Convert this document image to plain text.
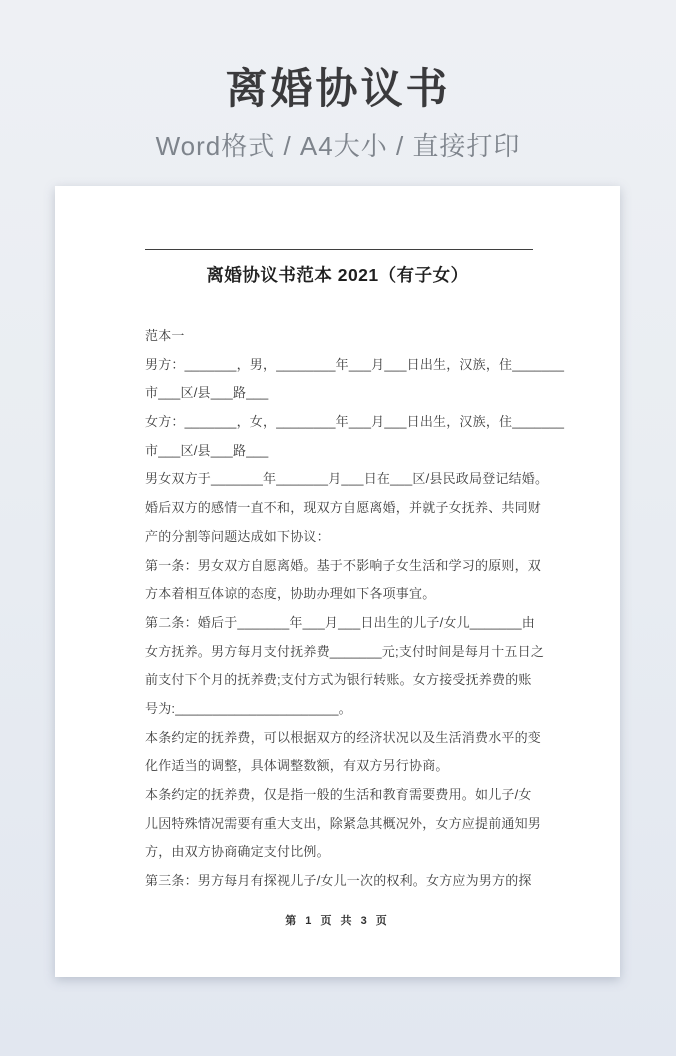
离婚协议书
Word格式 / A4大小 / 直接打印
离婚协议书范本 2021（有子女）
范本一
男方：_______，男，________年___月___日出生，汉族，住_______
市___区/县___路___
女方：_______，女，________年___月___日出生，汉族，住_______
市___区/县___路___
男女双方于_______年_______月___日在___区/县民政局登记结婚。
婚后双方的感情一直不和，现双方自愿离婚，并就子女抚养、共同财
产的分割等问题达成如下协议：
第一条：男女双方自愿离婚。基于不影响子女生活和学习的原则，双
方本着相互体谅的态度，协助办理如下各项事宜。
第二条：婚后于_______年___月___日出生的儿子/女儿_______由
女方抚养。男方每月支付抚养费_______元;支付时间是每月十五日之
前支付下个月的抚养费;支付方式为银行转账。女方接受抚养费的账
号为:______________________。
本条约定的抚养费，可以根据双方的经济状况以及生活消费水平的变
化作适当的调整，具体调整数额，有双方另行协商。
本条约定的抚养费，仅是指一般的生活和教育需要费用。如儿子/女
儿因特殊情况需要有重大支出，除紧急其概况外，女方应提前通知男
方，由双方协商确定支付比例。
第三条：男方每月有探视儿子/女儿一次的权利。女方应为男方的探
第 1 页 共 3 页
